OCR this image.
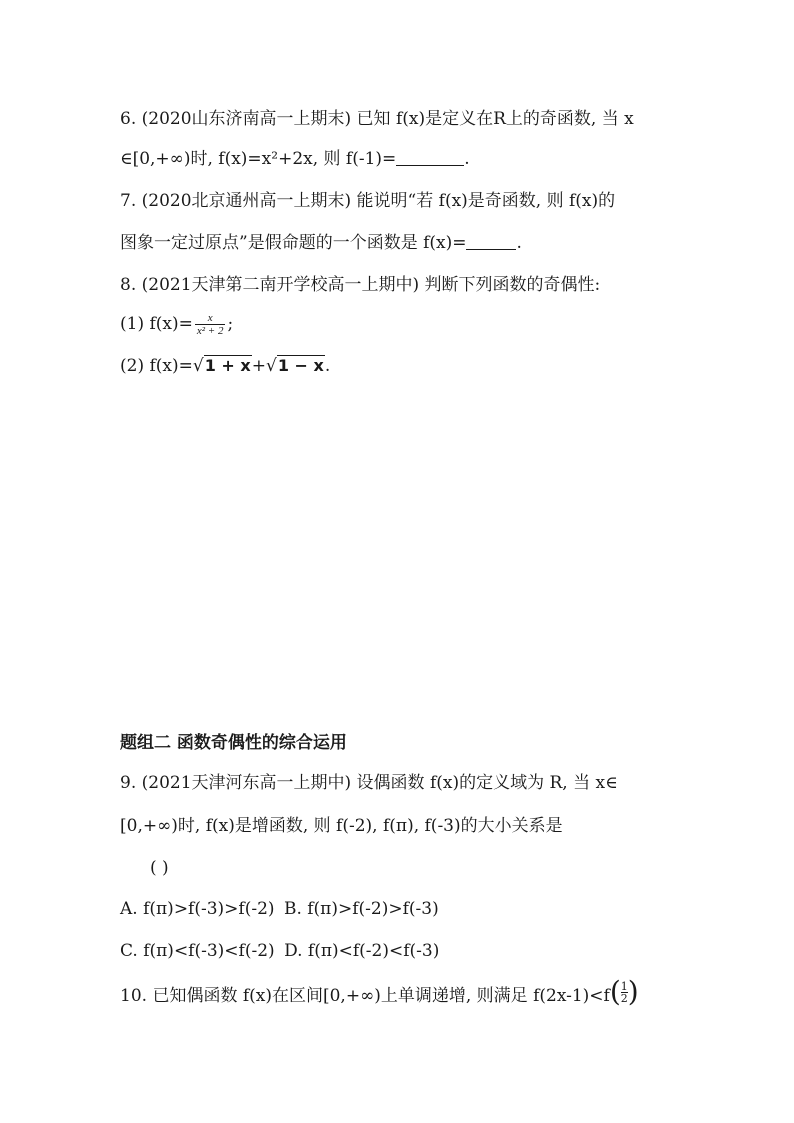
6. (2020山东济南高一上期末) 已知 f(x)是定义在R上的奇函数, 当 x
∈[0,+∞)时, f(x)=x²+2x, 则 f(-1)=	.
7. (2020北京通州高一上期末) 能说明“若 f(x)是奇函数, 则 f(x)的
图象一定过原点”是假命题的一个函数是 f(x)=	.
8. (2021天津第二南开学校高一上期中) 判断下列函数的奇偶性:
(1) $f(x)= \frac{x}{\text{x² + 2}}$ ;
(2) f(x)=√1 + x+√1 − x.
题组二 函数奇偶性的综合运用
9. (2021天津河东高一上期中) 设偶函数 f(x)的定义域为 R, 当 x∈
[0,+∞)时, f(x)是增函数, 则 f(-2), f(π), f(-3)的大小关系是
( )
A. f(π)>f(-3)>f(-2) B. f(π)>f(-2)>f(-3)
C. f(π)<f(-3)<f(-2) D. f(π)<f(-2)<f(-3)
10. 已知偶函数 f(x)在区间[0,+∞)上单调递增, 则满足 f(2x-1)<f ( $\frac{1}{2}$ )
